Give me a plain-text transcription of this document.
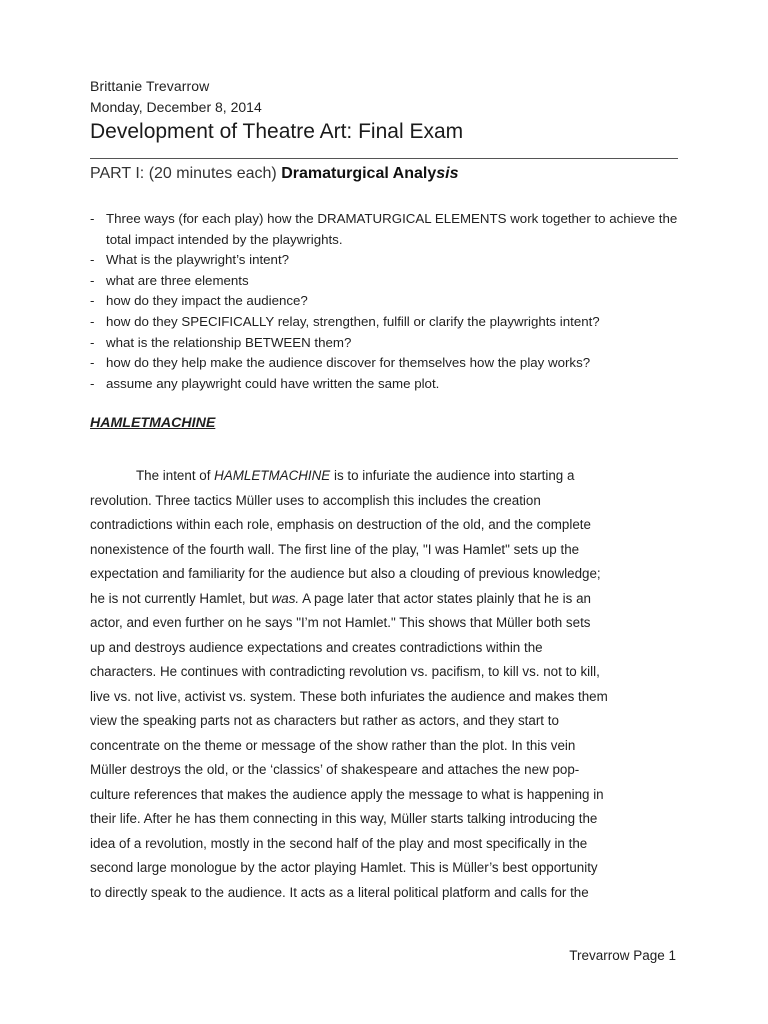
Brittanie Trevarrow
Monday, December 8, 2014
Development of Theatre Art: Final Exam
PART I: (20 minutes each) Dramaturgical Analysis
- Three ways (for each play) how the DRAMATURGICAL ELEMENTS work together to achieve the total impact intended by the playwrights.
- What is the playwright’s intent?
- what are three elements
- how do they impact the audience?
- how do they SPECIFICALLY relay, strengthen, fulfill or clarify the playwrights intent?
- what is the relationship BETWEEN them?
- how do they help make the audience discover for themselves how the play works?
- assume any playwright could have written the same plot.
HAMLETMACHINE
The intent of HAMLETMACHINE is to infuriate the audience into starting a
revolution. Three tactics Müller uses to accomplish this includes the creation
contradictions within each role, emphasis on destruction of the old, and the complete
nonexistence of the fourth wall. The first line of the play, "I was Hamlet" sets up the
expectation and familiarity for the audience but also a clouding of previous knowledge;
he is not currently Hamlet, but was. A page later that actor states plainly that he is an
actor, and even further on he says "I’m not Hamlet." This shows that Müller both sets
up and destroys audience expectations and creates contradictions within the
characters. He continues with contradicting revolution vs. pacifism, to kill vs. not to kill,
live vs. not live, activist vs. system. These both infuriates the audience and makes them
view the speaking parts not as characters but rather as actors, and they start to
concentrate on the theme or message of the show rather than the plot. In this vein
Müller destroys the old, or the ‘classics’ of shakespeare and attaches the new pop-
culture references that makes the audience apply the message to what is happening in
their life. After he has them connecting in this way, Müller starts talking introducing the
idea of a revolution, mostly in the second half of the play and most specifically in the
second large monologue by the actor playing Hamlet. This is Müller’s best opportunity
to directly speak to the audience. It acts as a literal political platform and calls for the
Trevarrow Page 1
